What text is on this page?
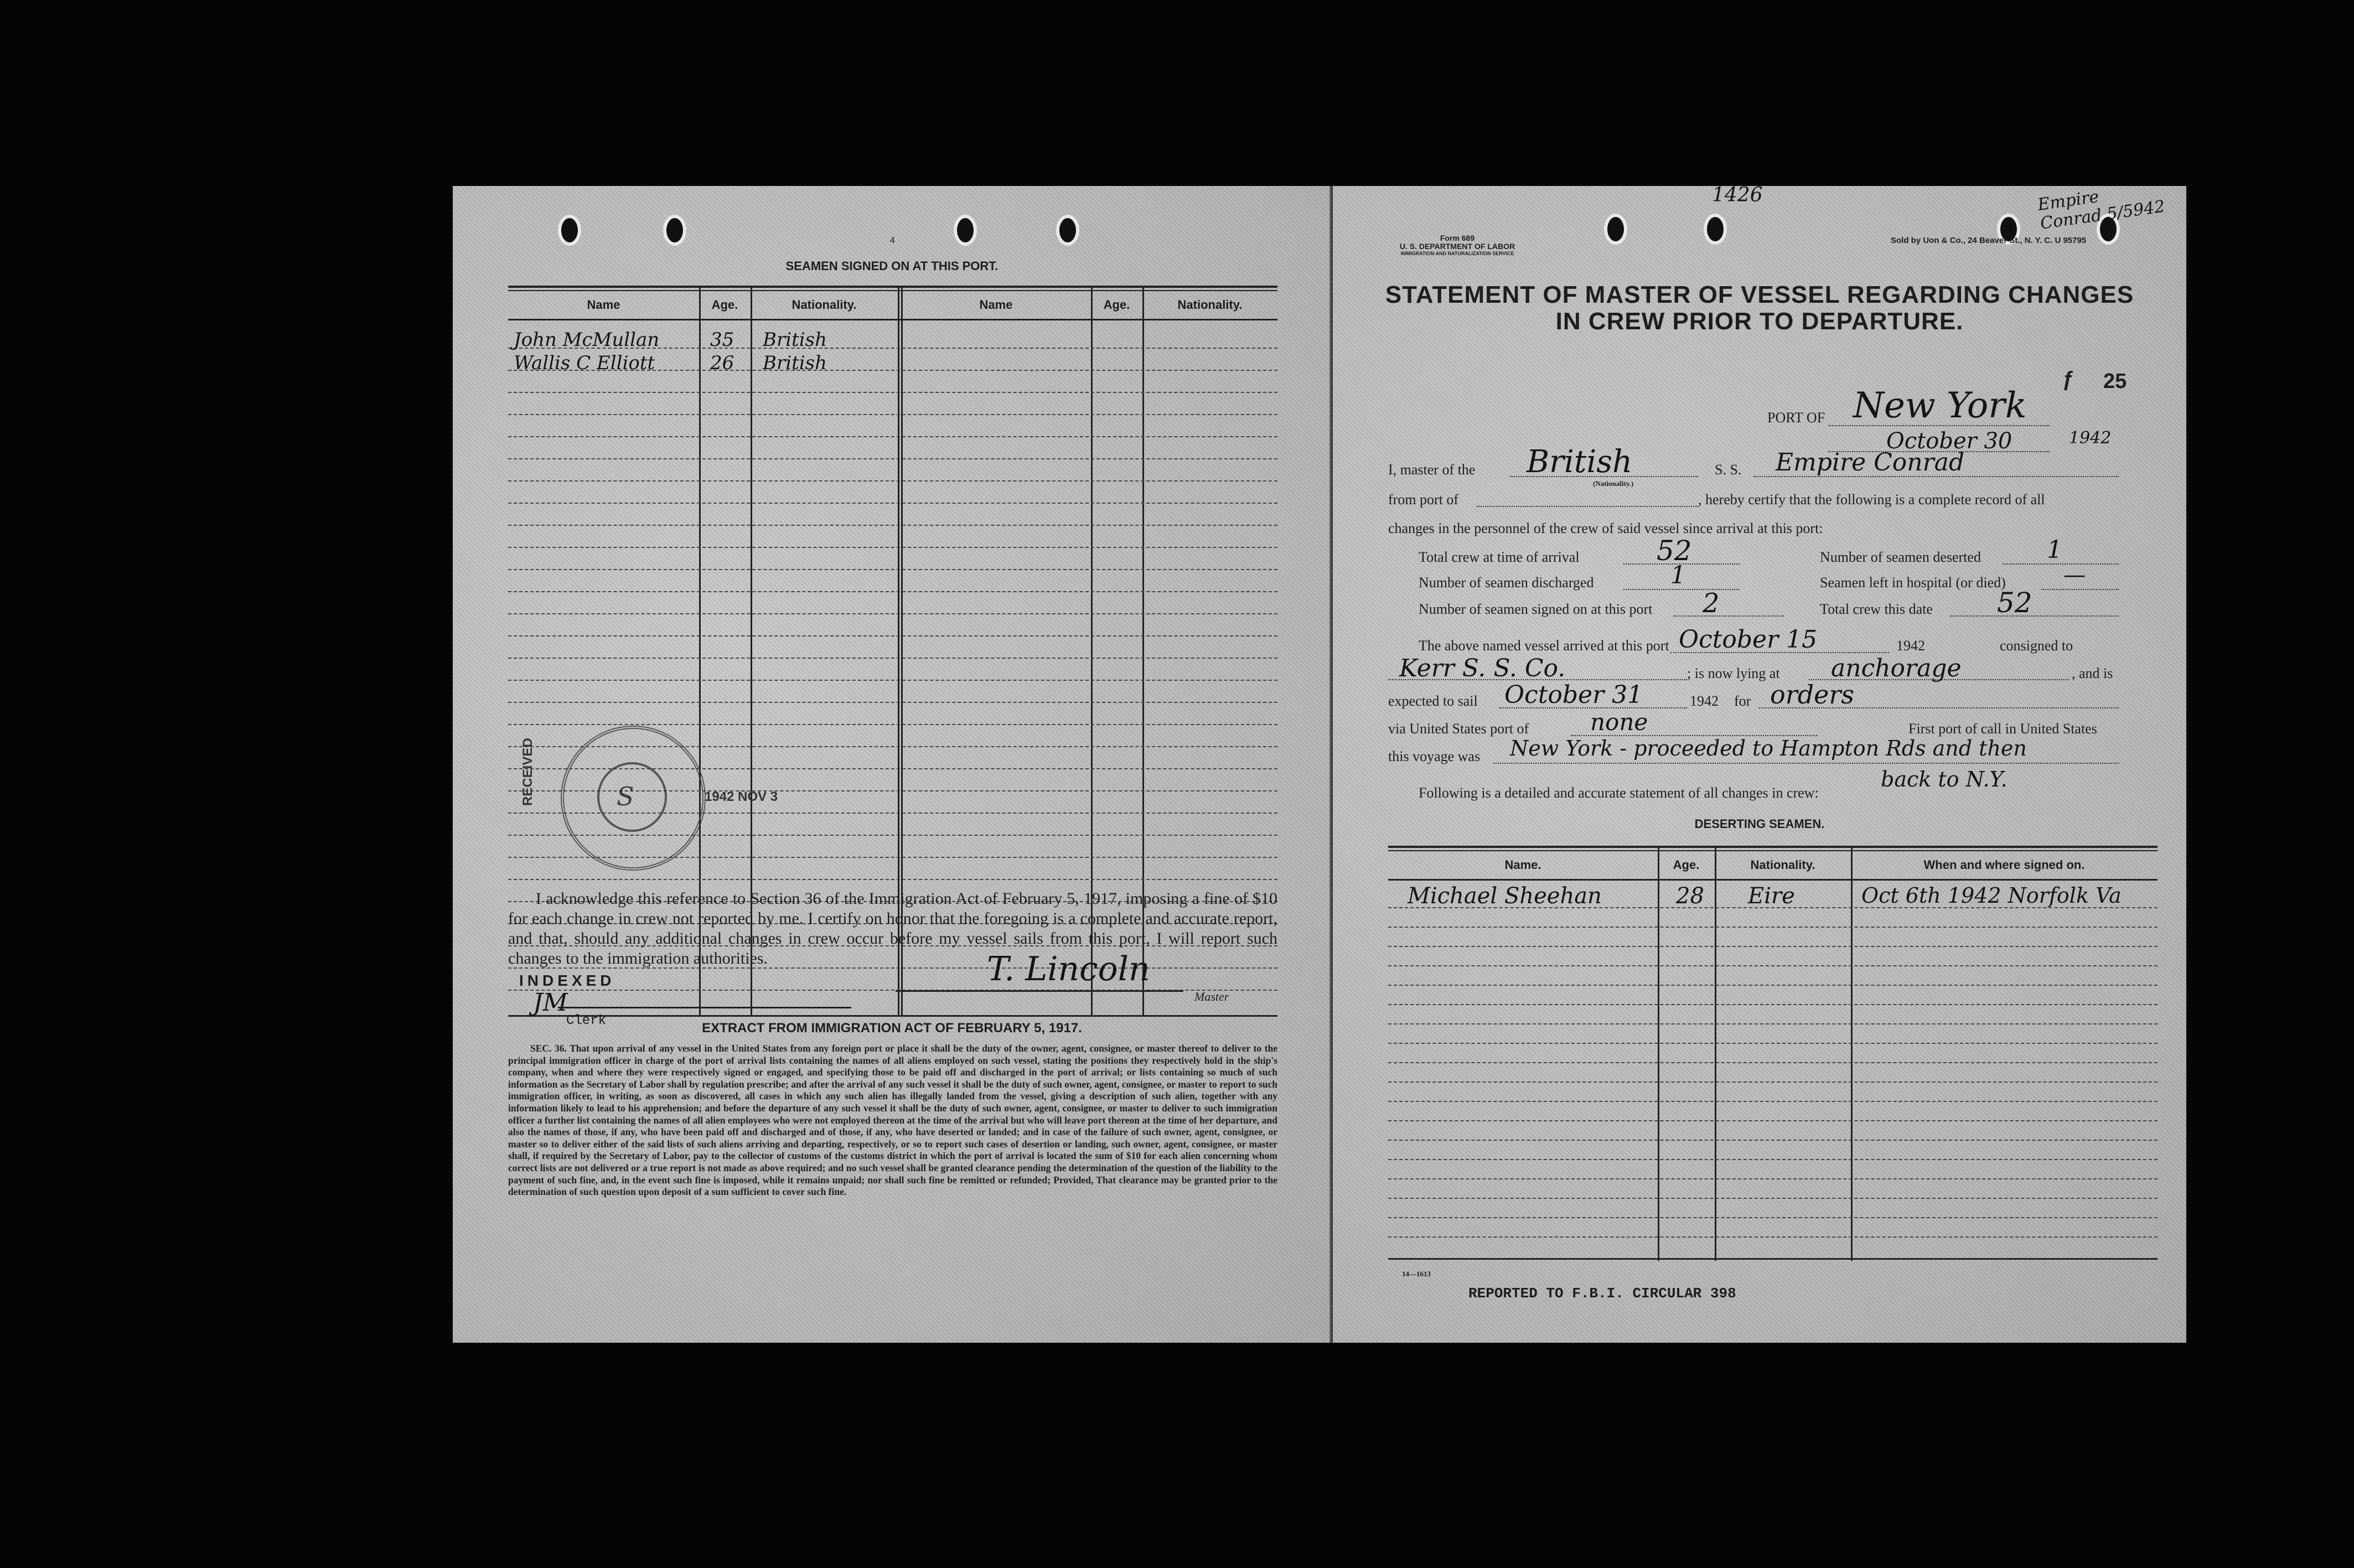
4
SEAMEN SIGNED ON AT THIS PORT.
Name	Age.	Nationality.	Name	Age.	Nationality.
John McMullan	35 British
Wallis C Elliott	26 British
S
RECEIVED	1942 NOV 3
I acknowledge this reference to Section 36 of the Immigration Act of February 5, 1917, imposing a fine of $10 for each change in crew not reported by me. I certify on honor that the foregoing is a complete and accurate report, and that, should any additional changes in crew occur before my vessel sails from this port, I will report such changes to the immigration authorities.	T. Lincoln
Master
INDEXED
JM
Clerk	EXTRACT FROM IMMIGRATION ACT OF FEBRUARY 5, 1917.
SEC. 36. That upon arrival of any vessel in the United States from any foreign port or place it shall be the duty of the owner, agent, consignee, or master thereof to deliver to the principal immigration officer in charge of the port of arrival lists containing the names of all aliens employed on such vessel, stating the positions they respectively hold in the ship's company, when and where they were respectively signed or engaged, and specifying those to be paid off and discharged in the port of arrival; or lists containing so much of such information as the Secretary of Labor shall by regulation prescribe; and after the arrival of any such vessel it shall be the duty of such owner, agent, consignee, or master to report to such immigration officer, in writing, as soon as discovered, all cases in which any such alien has illegally landed from the vessel, giving a description of such alien, together with any information likely to lead to his apprehension; and before the departure of any such vessel it shall be the duty of such owner, agent, consignee, or master to deliver to such immigration officer a further list containing the names of all alien employees who were not employed thereon at the time of the arrival but who will leave port thereon at the time of her departure, and also the names of those, if any, who have been paid off and discharged and of those, if any, who have deserted or landed; and in case of the failure of such owner, agent, consignee, or master so to deliver either of the said lists of such aliens arriving and departing, respectively, or so to report such cases of desertion or landing, such owner, agent, consignee, or master shall, if required by the Secretary of Labor, pay to the collector of customs of the customs district in which the port of arrival is located the sum of $10 for each alien concerning whom correct lists are not delivered or a true report is not made as above required; and no such vessel shall be granted clearance pending the determination of the question of the liability to the payment of such fine, and, in the event such fine is imposed, while it remains unpaid; nor shall such fine be remitted or refunded; Provided, That clearance may be granted prior to the determination of such question upon deposit of a sum sufficient to cover such fine.
1426	Empire Conrad 5/5942
Form 689
U. S. DEPARTMENT OF LABOR
IMMIGRATION AND NATURALIZATION SERVICE
Sold by Uon & Co., 24 Beaver St., N. Y. C. U 95795
STATEMENT OF MASTER OF VESSEL REGARDING CHANGES
IN CREW PRIOR TO DEPARTURE.
25
ƒ
PORT OF New York
October 30	1942
I, master of the British
(Nationality.)
S. S. Empire Conrad
from port of	, hereby certify that the following is a complete record of all
changes in the personnel of the crew of said vessel since arrival at this port:
Total crew at time of arrival	52	Number of seamen deserted	1
Number of seamen discharged	1	Seamen left in hospital (or died)	—
Number of seamen signed on at this port 2	Total crew this date 52
The above named vessel arrived at this port October 15	1942	consigned to
Kerr S. S. Co.	; is now lying at anchorage	, and is
expected to sail October 31	1942 for orders
via United States port of	none	First port of call in United States
this voyage was New York - proceeded to Hampton Rds and then
back to N.Y.
Following is a detailed and accurate statement of all changes in crew:
DESERTING SEAMEN.
Name.	Age.	Nationality.	When and where signed on.
Michael Sheehan	28 Eire	Oct 6th 1942 Norfolk Va
14—1613
REPORTED TO F.B.I. CIRCULAR 398
